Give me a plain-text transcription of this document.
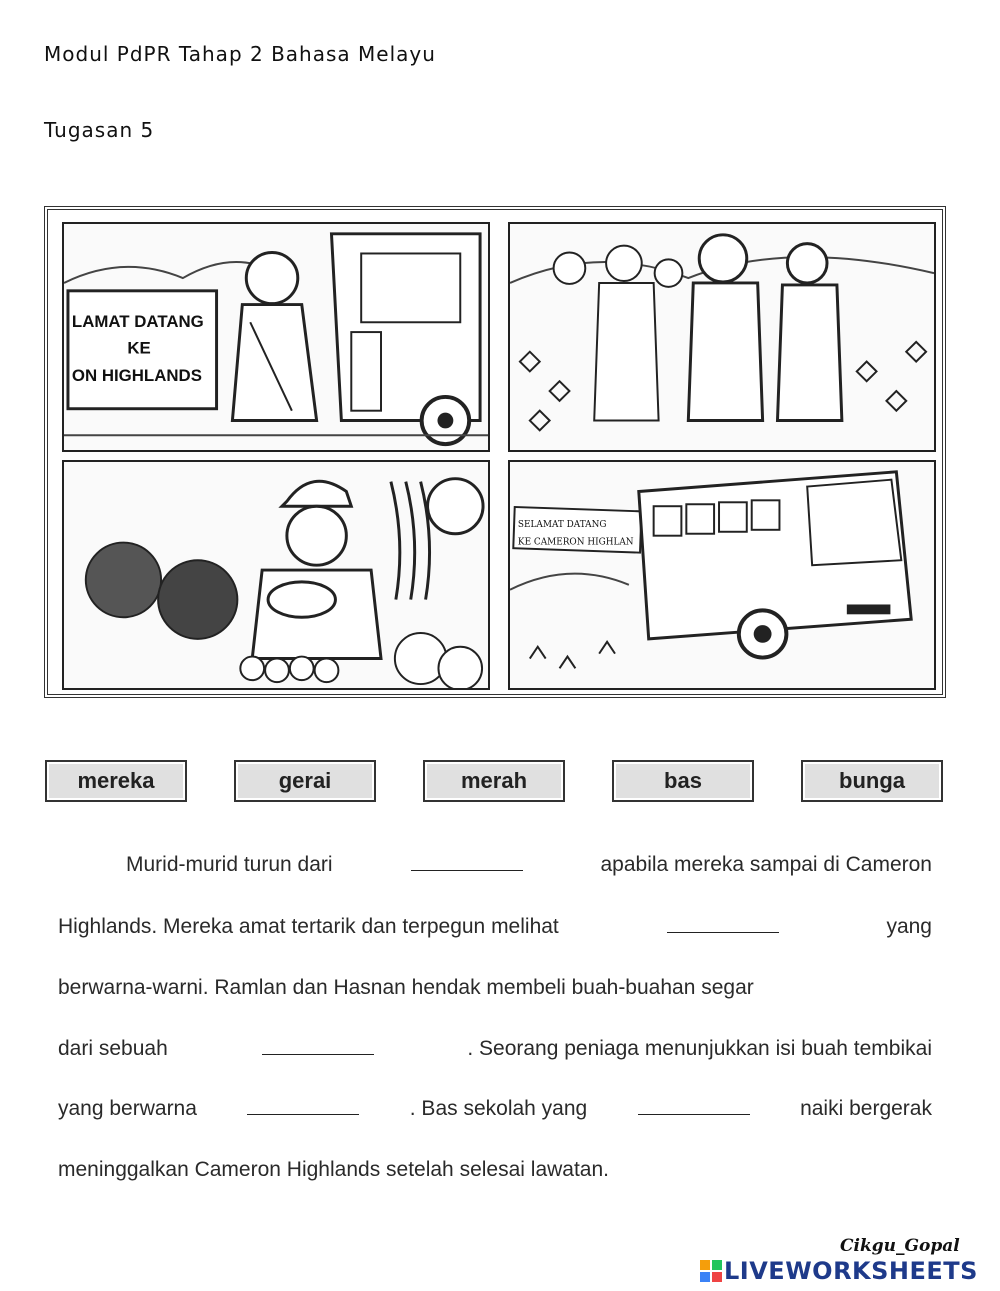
Modul PdPR Tahap 2 Bahasa Melayu
Tugasan 5
LAMAT DATANG
KE
ON HIGHLANDS
SELAMAT DATANG
KE CAMERON HIGHLAN
mereka	gerai	merah	bas	bunga
Murid-murid turun dari	apabila mereka sampai di Cameron
Highlands. Mereka amat tertarik dan terpegun melihat	yang
berwarna-warni. Ramlan dan Hasnan hendak membeli buah-buahan segar
dari sebuah	. Seorang peniaga menunjukkan isi buah tembikai
yang berwarna	. Bas sekolah yang	naiki bergerak
meninggalkan Cameron Highlands setelah selesai lawatan.
Cikgu_Gopal
LIVEWORKSHEETS
